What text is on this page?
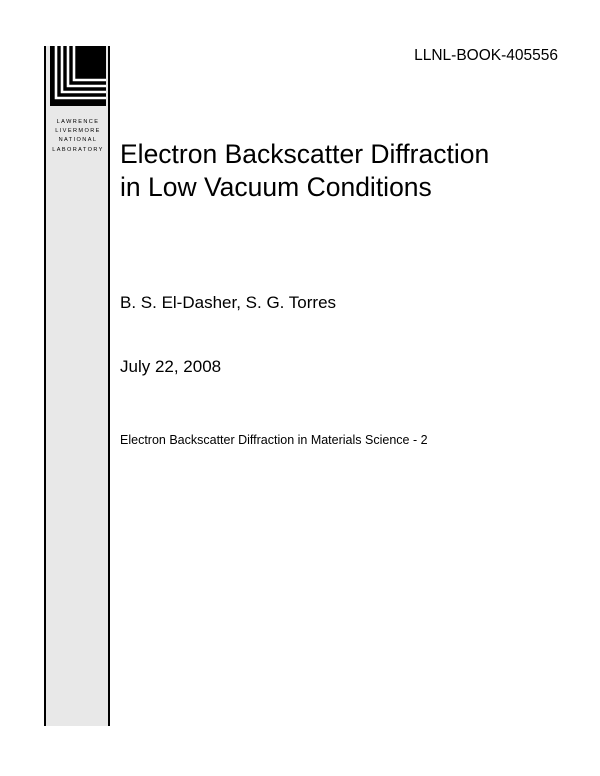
LAWRENCE
LIVERMORE
NATIONAL
LABORATORY
LLNL-BOOK-405556
Electron Backscatter Diffraction
in Low Vacuum Conditions
B. S. El-Dasher, S. G. Torres
July 22, 2008
Electron Backscatter Diffraction in Materials Science - 2
